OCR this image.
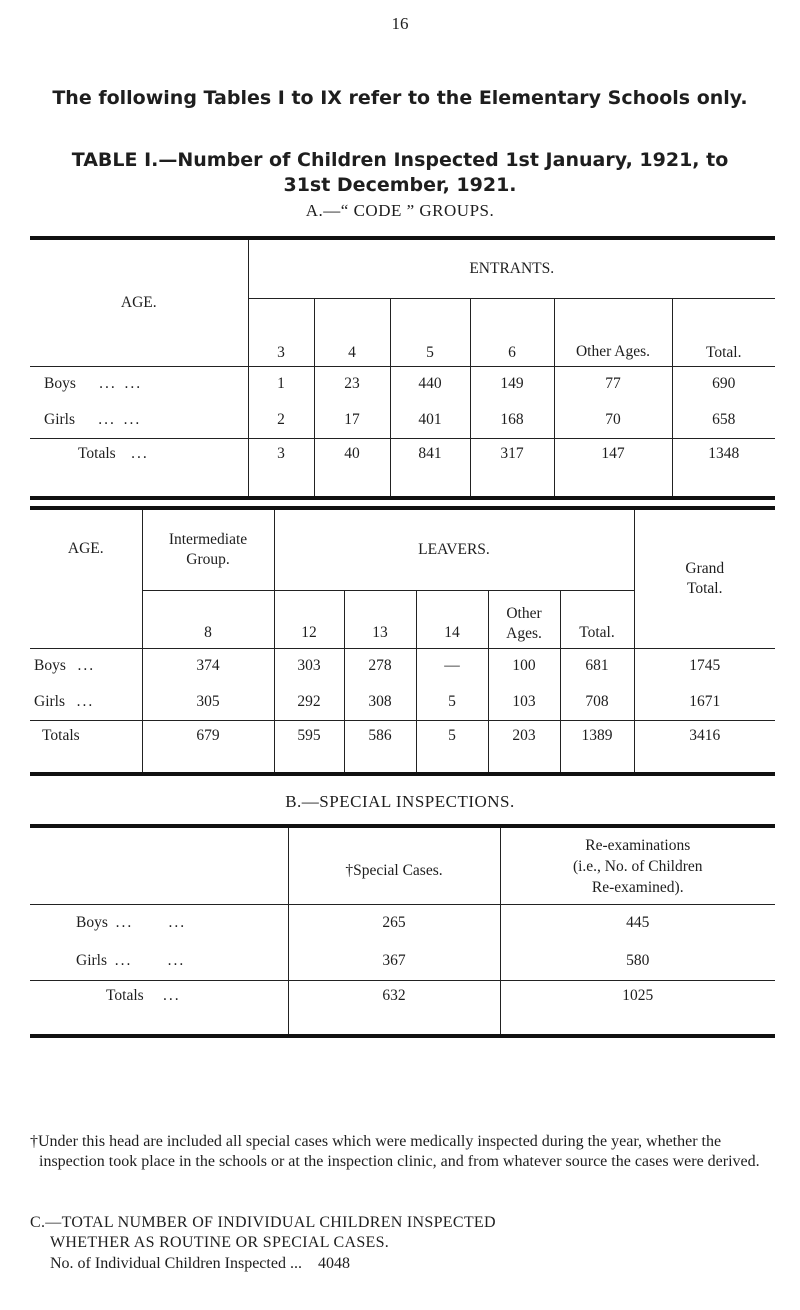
16
The following Tables I to IX refer to the Elementary Schools only.
TABLE I.—Number of Children Inspected 1st January, 1921, to 31st December, 1921.
A.—“ CODE ” GROUPS.
AGE.	ENTRANTS.					
	3	4	5	6	Other Ages.	Total.
Boys ... ...	1	23	440	149	77	690
Girls ... ...	2	17	401	168	70	658
Totals ...	3	40	841	317	147	1348
AGE.	Intermediate Group.	LEAVERS.					Grand Total.
	8	12	13	14	Other Ages.	Total.	
Boys ...	374	303	278	—	100	681	1745
Girls ...	305	292	308	5	103	708	1671
Totals	679	595	586	5	203	1389	3416
B.—SPECIAL INSPECTIONS.
	†Special Cases.	Re-examinations
(i.e., No. of Children
Re-examined).

Boys ...      ...	265	445
Girls ...      ...	367	580
Totals ...	632	1025
†Under this head are included all special cases which were medically inspected during the year, whether the inspection took place in the schools or at the inspection clinic, and from whatever source the cases were derived.
C.—TOTAL NUMBER OF INDIVIDUAL CHILDREN INSPECTED
WHETHER AS ROUTINE OR SPECIAL CASES.
No. of Individual Children Inspected ... 4048
